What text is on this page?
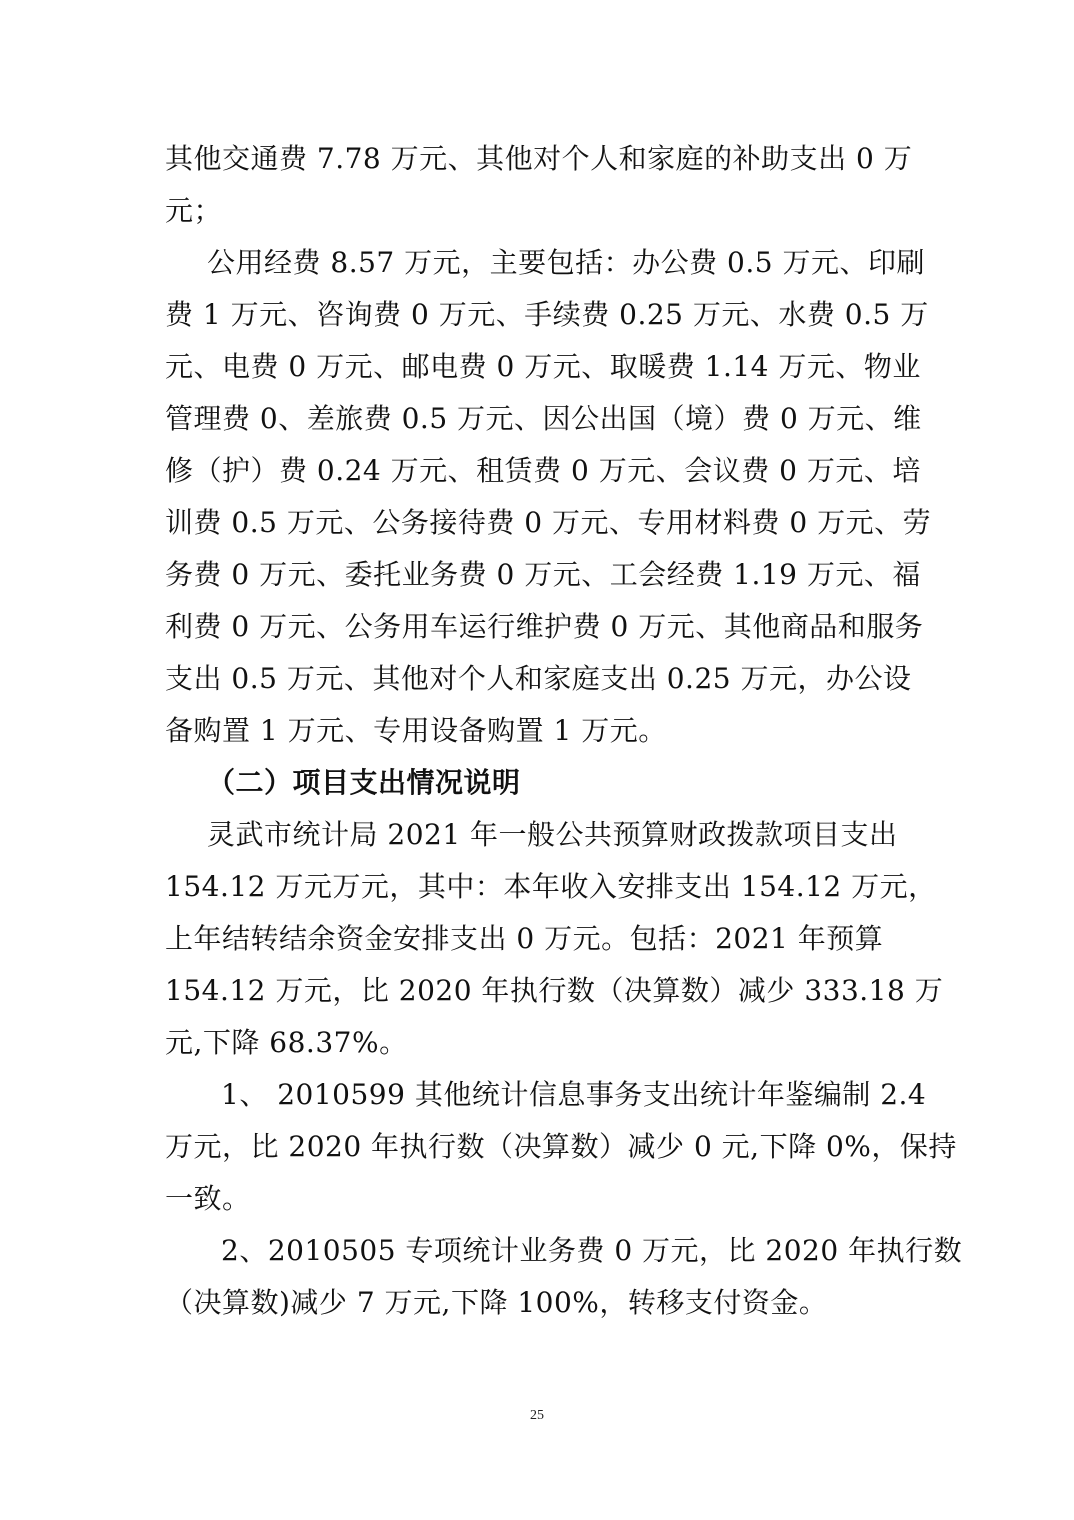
其他交通费 7.78 万元、其他对个人和家庭的补助支出 0 万
元；
公用经费 8.57 万元，主要包括：办公费 0.5 万元、印刷
费 1 万元、咨询费 0 万元、手续费 0.25 万元、水费 0.5 万
元、电费 0 万元、邮电费 0 万元、取暖费 1.14 万元、物业
管理费 0、差旅费 0.5 万元、因公出国（境）费 0 万元、维
修（护）费 0.24 万元、租赁费 0 万元、会议费 0 万元、培
训费 0.5 万元、公务接待费 0 万元、专用材料费 0 万元、劳
务费 0 万元、委托业务费 0 万元、工会经费 1.19 万元、福
利费 0 万元、公务用车运行维护费 0 万元、其他商品和服务
支出 0.5 万元、其他对个人和家庭支出 0.25 万元，办公设
备购置 1 万元、专用设备购置 1 万元。
（二）项目支出情况说明
灵武市统计局 2021 年一般公共预算财政拨款项目支出
154.12 万元万元，其中：本年收入安排支出 154.12 万元，
上年结转结余资金安排支出 0 万元。包括：2021 年预算
154.12 万元，比 2020 年执行数（决算数）减少 333.18 万
元,下降 68.37%。
1、 2010599 其他统计信息事务支出统计年鉴编制 2.4
万元，比 2020 年执行数（决算数）减少 0 元,下降 0%，保持
一致。
2、2010505 专项统计业务费 0 万元，比 2020 年执行数
（决算数)减少 7 万元,下降 100%，转移支付资金。
25
